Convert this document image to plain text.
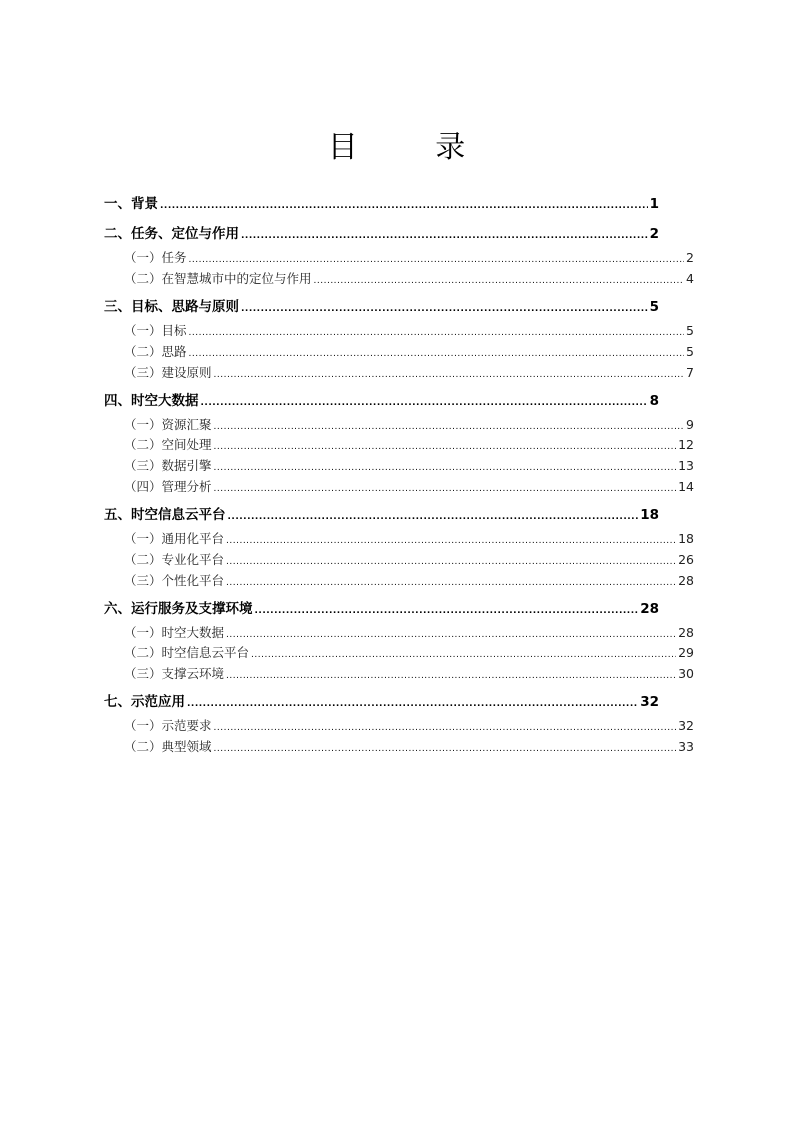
目 录
一、背景 .....	1
二、任务、定位与作用 .....	2
（一）任务 .....	2
（二）在智慧城市中的定位与作用 .....	4
三、目标、思路与原则 .....	5
（一）目标 .....	5
（二）思路 .....	5
（三）建设原则 .....	7
四、时空大数据 .....	8
（一）资源汇聚 .....	9
（二）空间处理 .....	12
（三）数据引擎 .....	13
（四）管理分析 .....	14
五、时空信息云平台 .....	18
（一）通用化平台 .....	18
（二）专业化平台 .....	26
（三）个性化平台 .....	28
六、运行服务及支撑环境 .....	28
（一）时空大数据 .....	28
（二）时空信息云平台 .....	29
（三）支撑云环境 .....	30
七、示范应用 .....	32
（一）示范要求 .....	32
（二）典型领域 .....	33
